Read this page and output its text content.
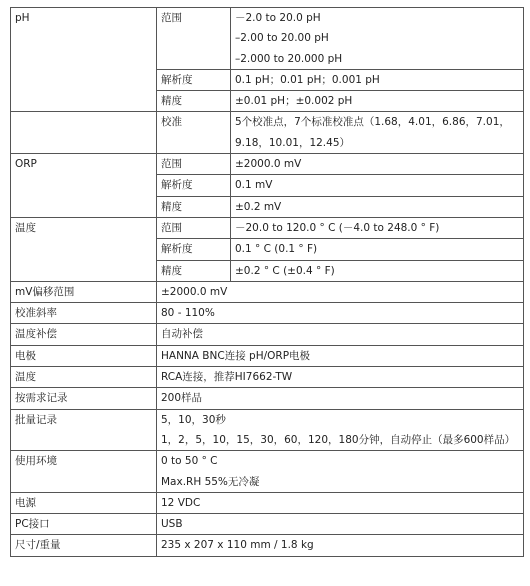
pH	范围	－2.0 to 20.0 pH
–2.00 to 20.00 pH
–2.000 to 20.000 pH

	解析度	0.1 pH；0.01 pH；0.001 pH
	精度	±0.01 pH；±0.002 pH
	校准	5个校准点，7个标准校准点（1.68，4.01，6.86，7.01，9.18，10.01，12.45）
ORP	范围	±2000.0 mV
	解析度	0.1 mV
	精度	±0.2 mV
温度	范围	－20.0 to 120.0 ° C (－4.0 to 248.0 ° F)
	解析度	0.1 ° C (0.1 ° F)
	精度	±0.2 ° C (±0.4 ° F)
mV偏移范围	±2000.0 mV	
校准斜率	80 - 110%	
温度补偿	自动补偿	
电极	HANNA BNC连接 pH/ORP电极	
温度	RCA连接，推荐HI7662-TW	
按需求记录	200样品	
批量记录	5，10，30秒
1，2，5，10，15，30，60，120，180分钟，自动停止（最多600样品）	

使用环境	0 to 50 ° C
Max.RH 55%无冷凝	

电源	12 VDC	
PC接口	USB	
尺寸/重量	235 x 207 x 110 mm / 1.8 kg	
